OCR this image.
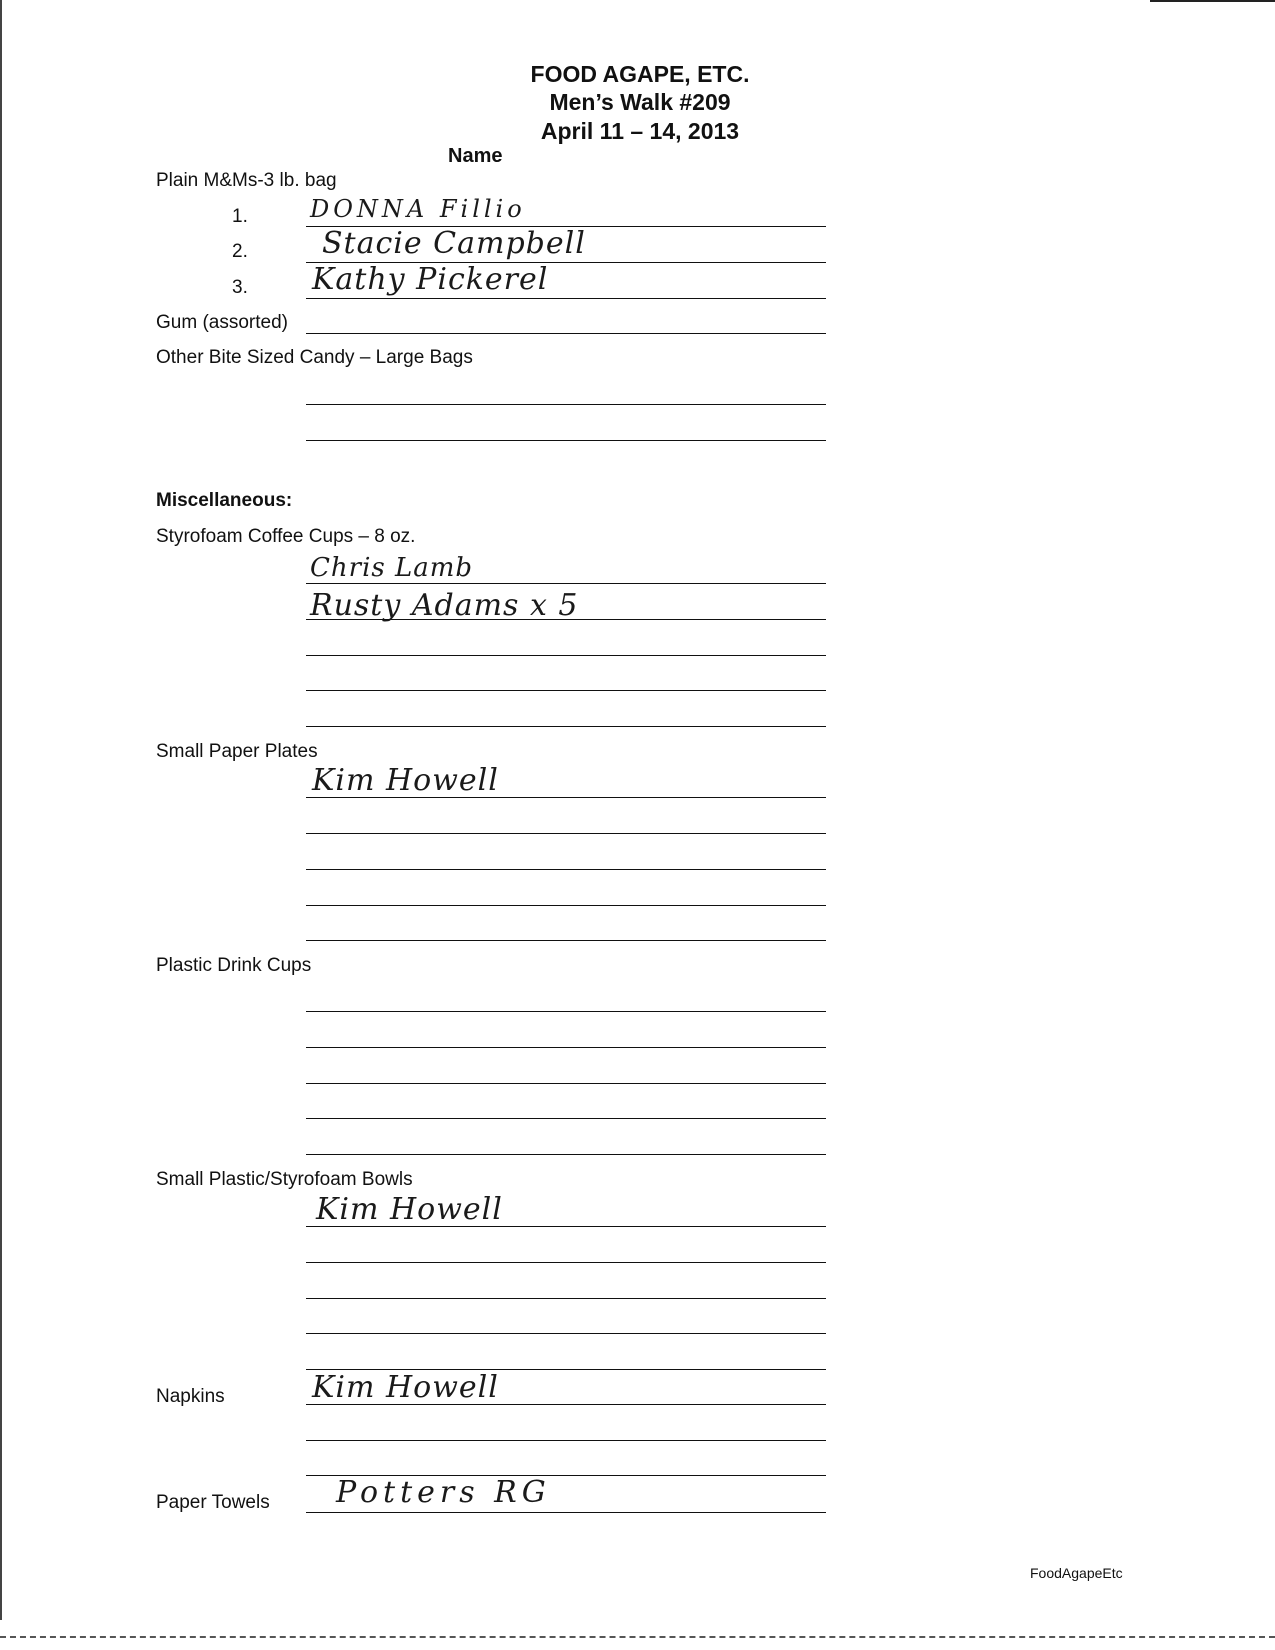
FOOD AGAPE, ETC.
Men’s Walk #209
April 11 – 14, 2013
Name
Plain M&Ms-3 lb. bag
1.
2.
3.
DONNA Fillio
Stacie Campbell
Kathy Pickerel
Gum (assorted)
Other Bite Sized Candy – Large Bags
Miscellaneous:
Styrofoam Coffee Cups – 8 oz.
Chris Lamb
Rusty Adams x 5
Small Paper Plates
Kim Howell
Plastic Drink Cups
Small Plastic/Styrofoam Bowls
Kim Howell
Napkins	Kim Howell
Paper Towels Potters RG
FoodAgapeEtc
